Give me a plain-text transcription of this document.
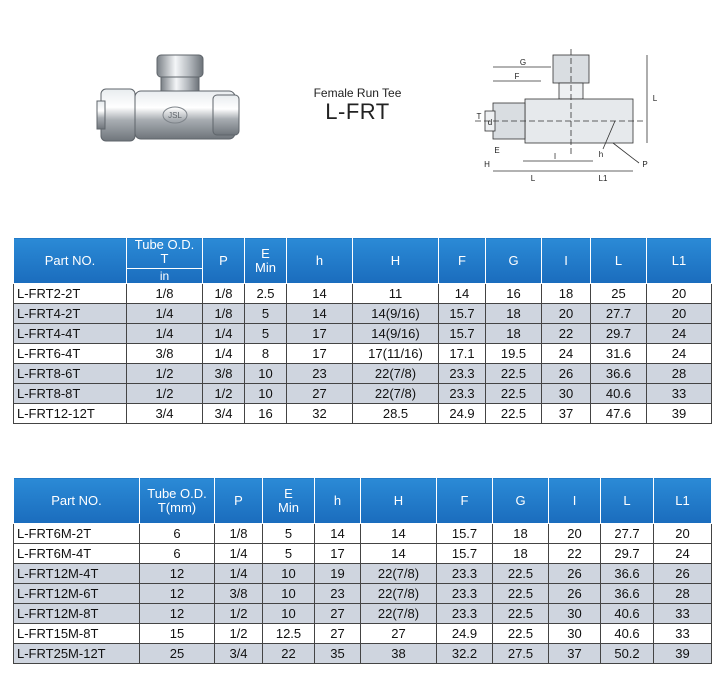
JSL
Female Run Tee
L-FRT
G
F
T
d
E
H
L
h
P
l
L	L1
Part NO.	Tube O.D.
T
in	P	E
Min	h	H	F	G	I	L	L1
L-FRT2-2T	1/8	1/8	2.5	14	11	14	16	18	25	20
L-FRT4-2T	1/4	1/8	5	14	14(9/16)	15.7	18	20	27.7	20
L-FRT4-4T	1/4	1/4	5	17	14(9/16)	15.7	18	22	29.7	24
L-FRT6-4T	3/8	1/4	8	17	17(11/16)	17.1	19.5	24	31.6	24
L-FRT8-6T	1/2	3/8	10	23	22(7/8)	23.3	22.5	26	36.6	28
L-FRT8-8T	1/2	1/2	10	27	22(7/8)	23.3	22.5	30	40.6	33
L-FRT12-12T	3/4	3/4	16	32	28.5	24.9	22.5	37	47.6	39
Part NO.	Tube O.D.
T(mm)	P	E
Min	h	H	F	G	I	L	L1
L-FRT6M-2T	6	1/8	5	14	14	15.7	18	20	27.7	20
L-FRT6M-4T	6	1/4	5	17	14	15.7	18	22	29.7	24
L-FRT12M-4T	12	1/4	10	19	22(7/8)	23.3	22.5	26	36.6	26
L-FRT12M-6T	12	3/8	10	23	22(7/8)	23.3	22.5	26	36.6	28
L-FRT12M-8T	12	1/2	10	27	22(7/8)	23.3	22.5	30	40.6	33
L-FRT15M-8T	15	1/2	12.5	27	27	24.9	22.5	30	40.6	33
L-FRT25M-12T	25	3/4	22	35	38	32.2	27.5	37	50.2	39
